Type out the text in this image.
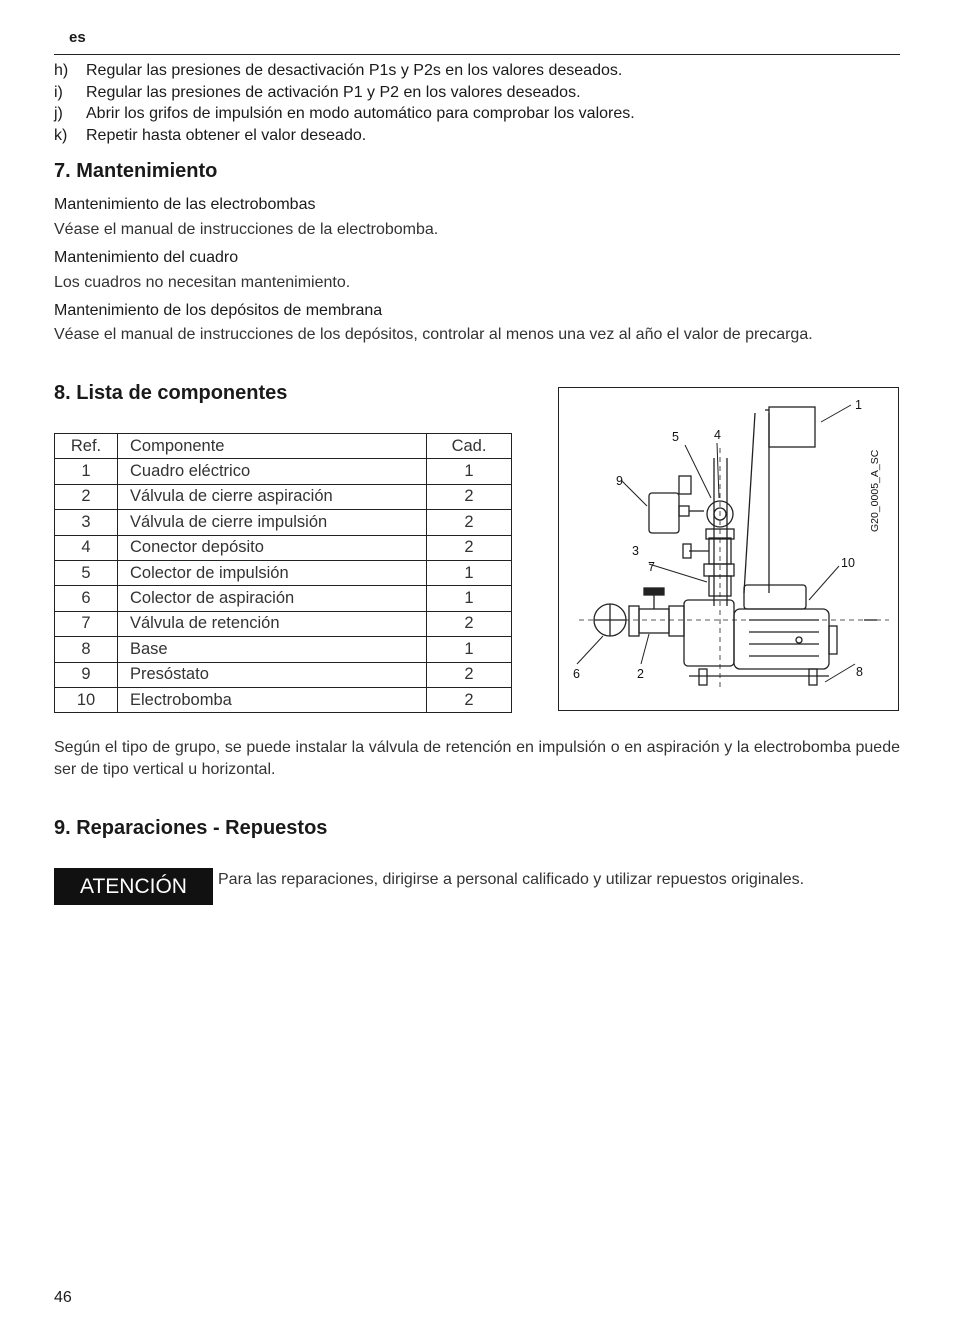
es
h)	Regular las presiones de desactivación P1s y P2s en los valores deseados.
i)	Regular las presiones de activación P1 y P2 en los valores deseados.
j)	Abrir los grifos de impulsión en modo automático para comprobar los valores.
k)	Repetir hasta obtener el valor deseado.
7. Mantenimiento
Mantenimiento de las electrobombas
Véase el manual de instrucciones de la electrobomba.
Mantenimiento del cuadro
Los cuadros no necesitan mantenimiento.
Mantenimiento de los depósitos de membrana
Véase el manual de instrucciones de los depósitos, controlar al menos una vez al año el valor de precarga.
8. Lista de componentes
Ref.	Componente	Cad.
1	Cuadro eléctrico	1
2	Válvula de cierre aspiración	2
3	Válvula de cierre impulsión	2
4	Conector depósito	2
5	Colector de impulsión	1
6	Colector de aspiración	1
7	Válvula de retención	2
8	Base	1
9	Presóstato	2
10	Electrobomba	2
1
5	4
9
3
7	10
6	2	8
G20_0005_A_SC
Según el tipo de grupo, se puede instalar la válvula de retención en impulsión o en aspiración y la electrobomba puede ser de tipo vertical u horizontal.
9. Reparaciones - Repuestos
ATENCIÓN	Para las reparaciones, dirigirse a personal calificado y utilizar repuestos originales.
46
